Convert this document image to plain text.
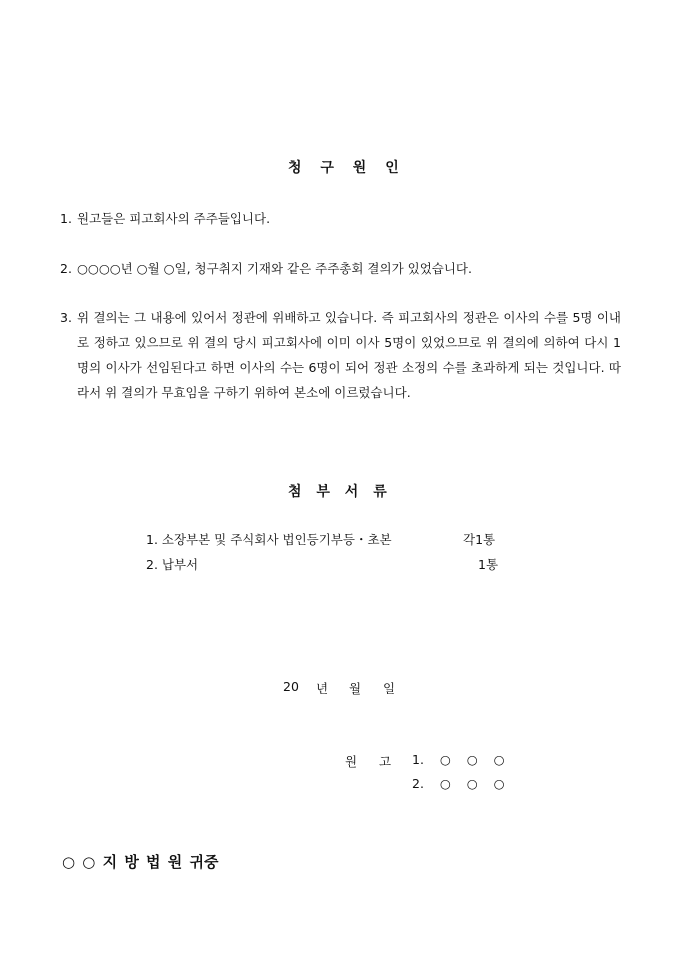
청 구 원 인
1. 원고들은 피고회사의 주주들입니다.
2. ○○○○년 ○월 ○일, 청구취지 기재와 같은 주주총회 결의가 있었습니다.
3. 위 결의는 그 내용에 있어서 정관에 위배하고 있습니다. 즉 피고회사의 정관은 이사의 수를 5명 이내로 정하고 있으므로 위 결의 당시 피고회사에 이미 이사 5명이 있었으므로 위 결의에 의하여 다시 1명의 이사가 선임된다고 하면 이사의 수는 6명이 되어 정관 소정의 수를 초과하게 되는 것입니다. 따라서 위 결의가 무효임을 구하기 위하여 본소에 이르렀습니다.
첨 부 서 류
1. 소장부본 및 주식회사 법인등기부등・초본	각1통
2. 납부서	1통
20 년 월 일
원 고 1. ○ ○ ○
2. ○ ○ ○
○ ○ 지 방 법 원 귀중
